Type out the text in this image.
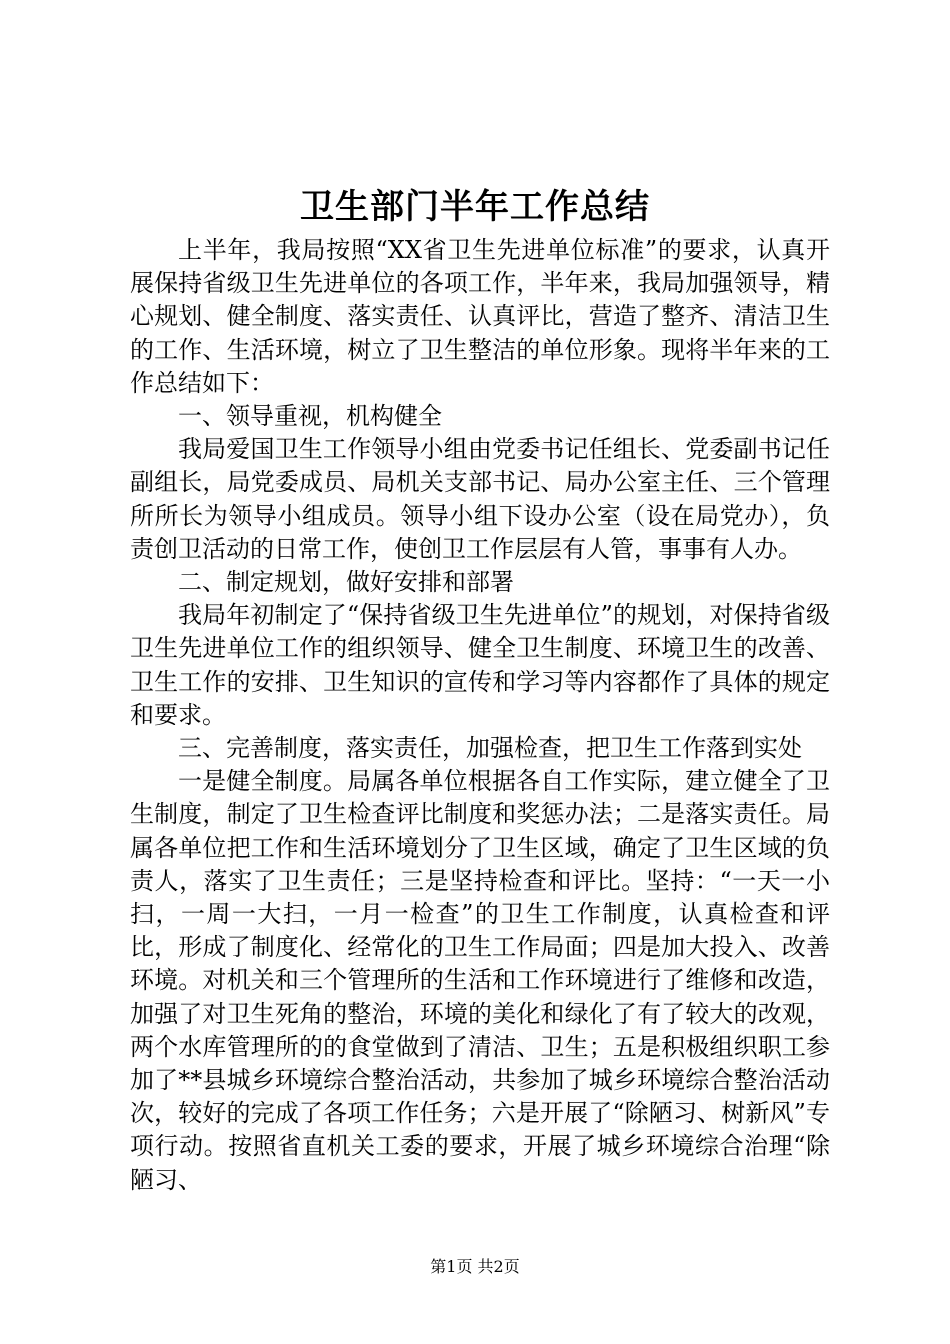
卫生部门半年工作总结

上半年，我局按照“XX省卫生先进单位标准”的要求，认真开展保持省级卫生先进单位的各项工作，半年来，我局加强领导，精心规划、健全制度、落实责任、认真评比，营造了整齐、清洁卫生的工作、生活环境，树立了卫生整洁的单位形象。现将半年来的工作总结如下：

一、领导重视，机构健全

我局爱国卫生工作领导小组由党委书记任组长、党委副书记任副组长，局党委成员、局机关支部书记、局办公室主任、三个管理所所长为领导小组成员。领导小组下设办公室（设在局党办），负责创卫活动的日常工作，使创卫工作层层有人管，事事有人办。

二、制定规划，做好安排和部署

我局年初制定了“保持省级卫生先进单位”的规划，对保持省级卫生先进单位工作的组织领导、健全卫生制度、环境卫生的改善、卫生工作的安排、卫生知识的宣传和学习等内容都作了具体的规定和要求。

三、完善制度，落实责任，加强检查，把卫生工作落到实处

一是健全制度。局属各单位根据各自工作实际，建立健全了卫生制度，制定了卫生检查评比制度和奖惩办法；二是落实责任。局属各单位把工作和生活环境划分了卫生区域，确定了卫生区域的负责人，落实了卫生责任；三是坚持检查和评比。坚持：“一天一小扫，一周一大扫，一月一检查”的卫生工作制度，认真检查和评比，形成了制度化、经常化的卫生工作局面；四是加大投入、改善环境。对机关和三个管理所的生活和工作环境进行了维修和改造，加强了对卫生死角的整治，环境的美化和绿化了有了较大的改观，两个水库管理所的的食堂做到了清洁、卫生；五是积极组织职工参加了**县城乡环境综合整治活动，共参加了城乡环境综合整治活动次，较好的完成了各项工作任务；六是开展了“除陋习、树新风”专项行动。按照省直机关工委的要求，开展了城乡环境综合治理“除陋习、

第1页 共2页
